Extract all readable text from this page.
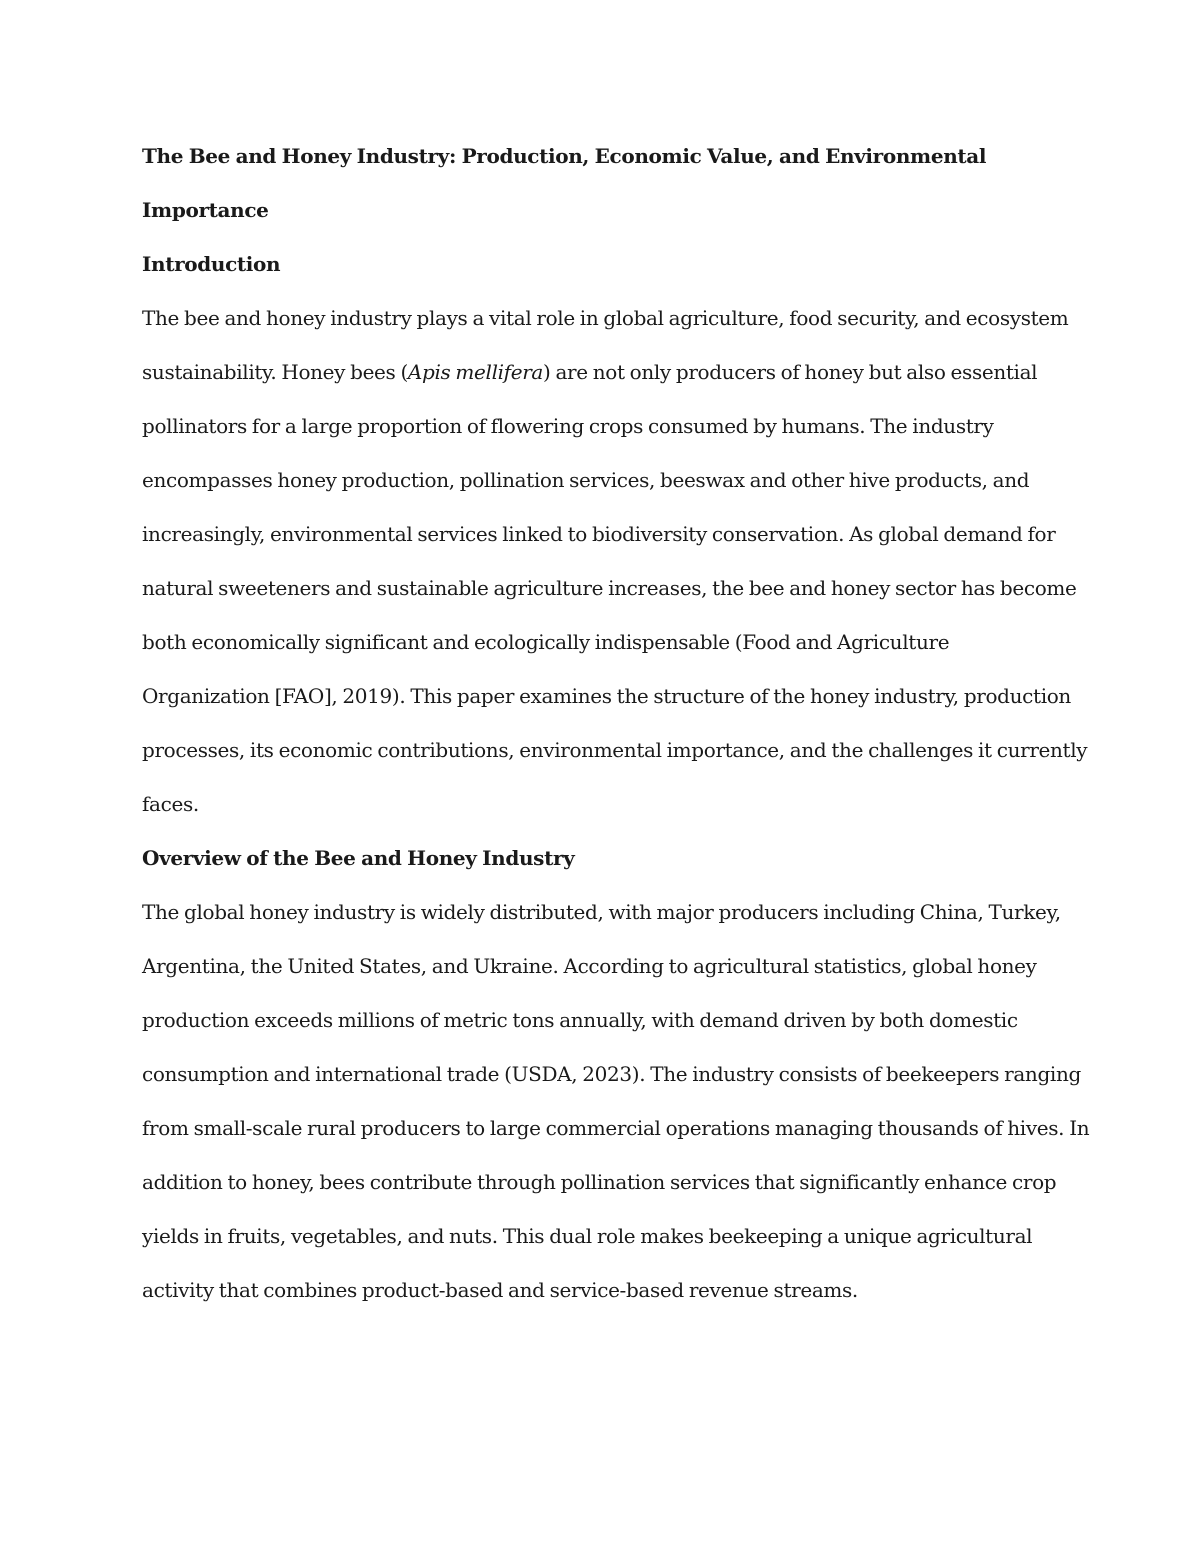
The Bee and Honey Industry: Production, Economic Value, and Environmental
Importance
Introduction
The bee and honey industry plays a vital role in global agriculture, food security, and ecosystem
sustainability. Honey bees (Apis mellifera) are not only producers of honey but also essential
pollinators for a large proportion of flowering crops consumed by humans. The industry
encompasses honey production, pollination services, beeswax and other hive products, and
increasingly, environmental services linked to biodiversity conservation. As global demand for
natural sweeteners and sustainable agriculture increases, the bee and honey sector has become
both economically significant and ecologically indispensable (Food and Agriculture
Organization [FAO], 2019). This paper examines the structure of the honey industry, production
processes, its economic contributions, environmental importance, and the challenges it currently
faces.
Overview of the Bee and Honey Industry
The global honey industry is widely distributed, with major producers including China, Turkey,
Argentina, the United States, and Ukraine. According to agricultural statistics, global honey
production exceeds millions of metric tons annually, with demand driven by both domestic
consumption and international trade (USDA, 2023). The industry consists of beekeepers ranging
from small-scale rural producers to large commercial operations managing thousands of hives. In
addition to honey, bees contribute through pollination services that significantly enhance crop
yields in fruits, vegetables, and nuts. This dual role makes beekeeping a unique agricultural
activity that combines product-based and service-based revenue streams.
